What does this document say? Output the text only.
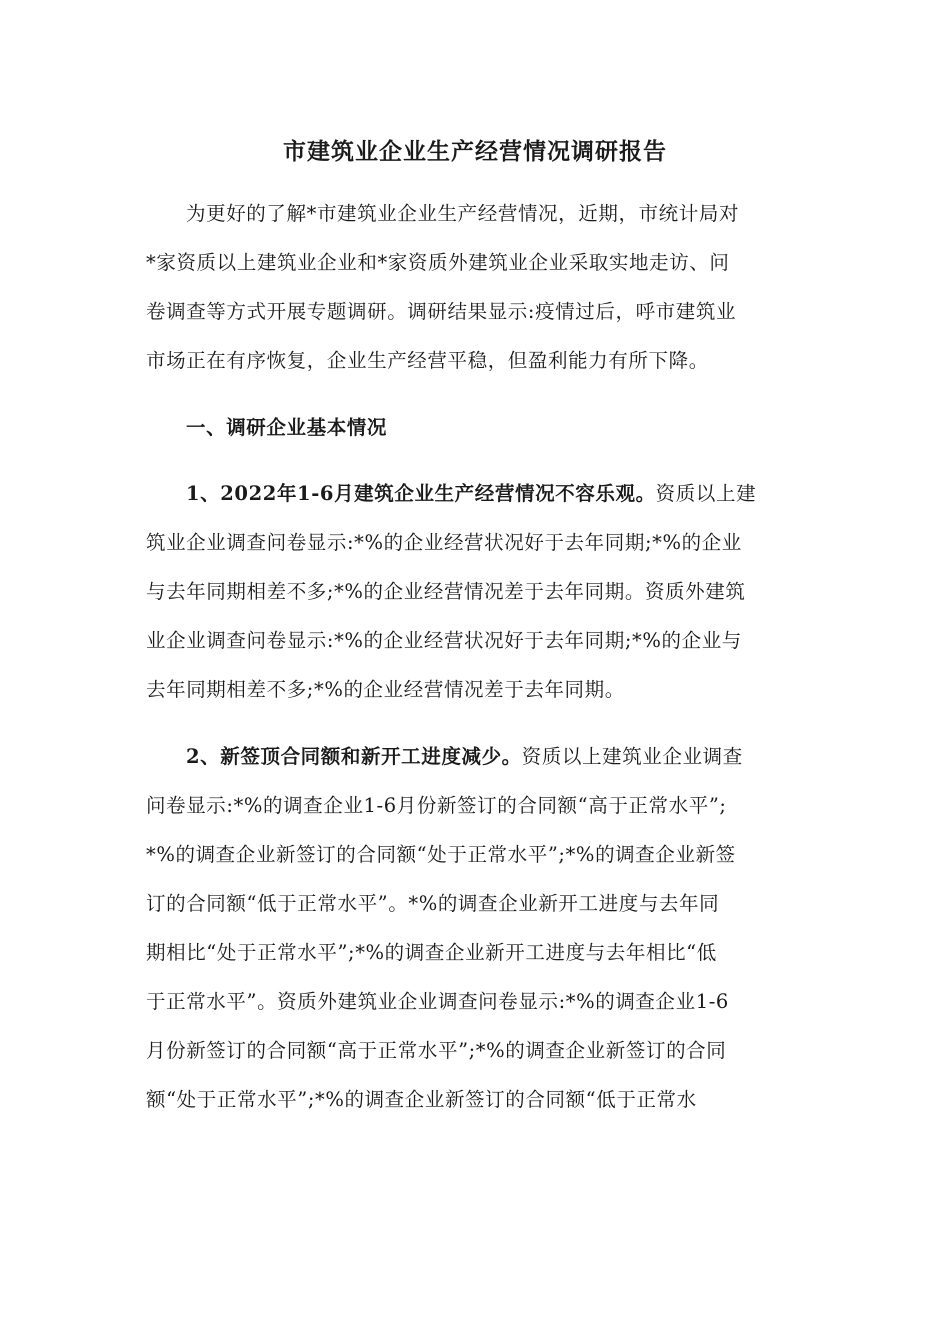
市建筑业企业生产经营情况调研报告
为更好的了解*市建筑业企业生产经营情况，近期，市统计局对
*家资质以上建筑业企业和*家资质外建筑业企业采取实地走访、问
卷调查等方式开展专题调研。调研结果显示:疫情过后，呼市建筑业
市场正在有序恢复，企业生产经营平稳，但盈利能力有所下降。
一、调研企业基本情况
1、2022年1-6月建筑企业生产经营情况不容乐观。资质以上建
筑业企业调查问卷显示:*%的企业经营状况好于去年同期;*%的企业
与去年同期相差不多;*%的企业经营情况差于去年同期。资质外建筑
业企业调查问卷显示:*%的企业经营状况好于去年同期;*%的企业与
去年同期相差不多;*%的企业经营情况差于去年同期。
2、新签顶合同额和新开工进度减少。资质以上建筑业企业调查
问卷显示:*%的调查企业1-6月份新签订的合同额“高于正常水平”;
*%的调查企业新签订的合同额“处于正常水平”;*%的调查企业新签
订的合同额“低于正常水平”。*%的调查企业新开工进度与去年同
期相比“处于正常水平”;*%的调查企业新开工进度与去年相比“低
于正常水平”。资质外建筑业企业调查问卷显示:*%的调查企业1-6
月份新签订的合同额“高于正常水平”;*%的调查企业新签订的合同
额“处于正常水平”;*%的调查企业新签订的合同额“低于正常水
